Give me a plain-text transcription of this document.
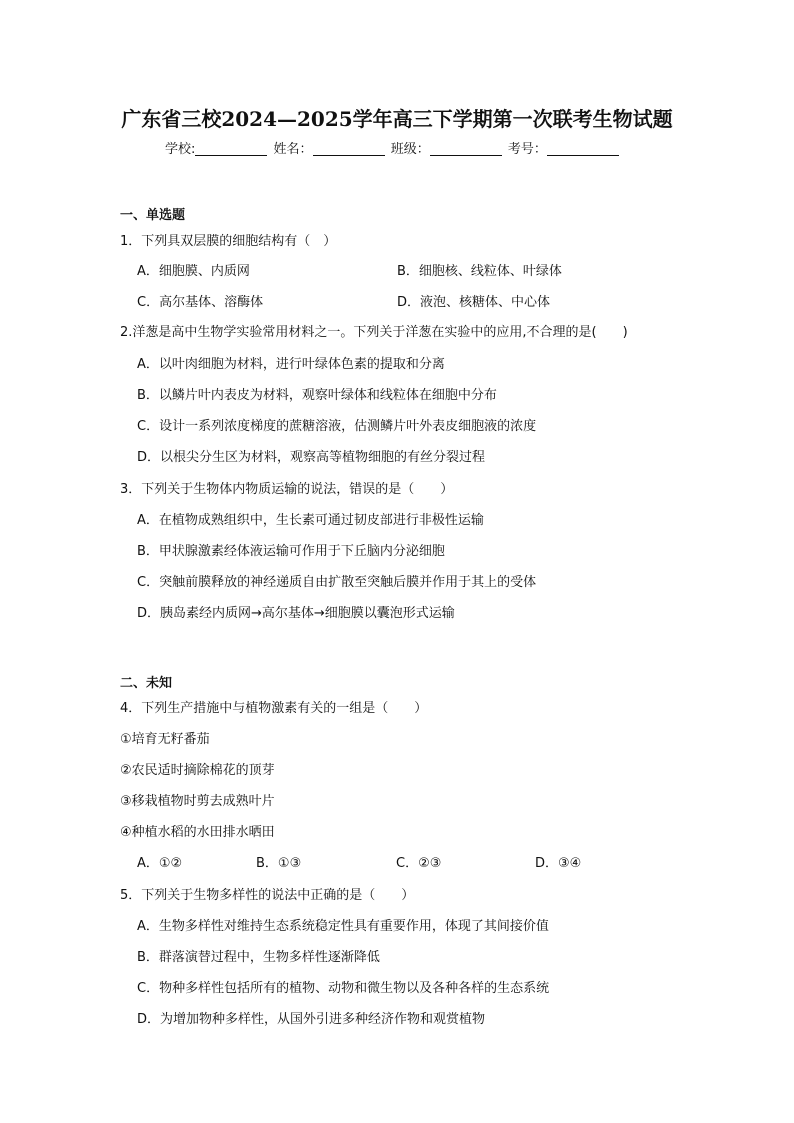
广东省三校2024—2025学年高三下学期第一次联考生物试题
学校:	姓名：	班级：	考号：
一、单选题
1．下列具双层膜的细胞结构有（　）
A．细胞膜、内质网	B．细胞核、线粒体、叶绿体
C．高尔基体、溶酶体	D．液泡、核糖体、中心体
2.洋葱是高中生物学实验常用材料之一。下列关于洋葱在实验中的应用,不合理的是(　　)
A．以叶肉细胞为材料，进行叶绿体色素的提取和分离
B．以鳞片叶内表皮为材料，观察叶绿体和线粒体在细胞中分布
C．设计一系列浓度梯度的蔗糖溶液，估测鳞片叶外表皮细胞液的浓度
D．以根尖分生区为材料，观察高等植物细胞的有丝分裂过程
3．下列关于生物体内物质运输的说法，错误的是（　　）
A．在植物成熟组织中，生长素可通过韧皮部进行非极性运输
B．甲状腺激素经体液运输可作用于下丘脑内分泌细胞
C．突触前膜释放的神经递质自由扩散至突触后膜并作用于其上的受体
D．胰岛素经内质网→高尔基体→细胞膜以囊泡形式运输
二、未知
4．下列生产措施中与植物激素有关的一组是（　　）
①培育无籽番茄
②农民适时摘除棉花的顶芽
③移栽植物时剪去成熟叶片
④种植水稻的水田排水晒田
A．①②	B．①③	C．②③	D．③④
5．下列关于生物多样性的说法中正确的是（　　）
A．生物多样性对维持生态系统稳定性具有重要作用，体现了其间接价值
B．群落演替过程中，生物多样性逐渐降低
C．物种多样性包括所有的植物、动物和微生物以及各种各样的生态系统
D．为增加物种多样性，从国外引进多种经济作物和观赏植物
